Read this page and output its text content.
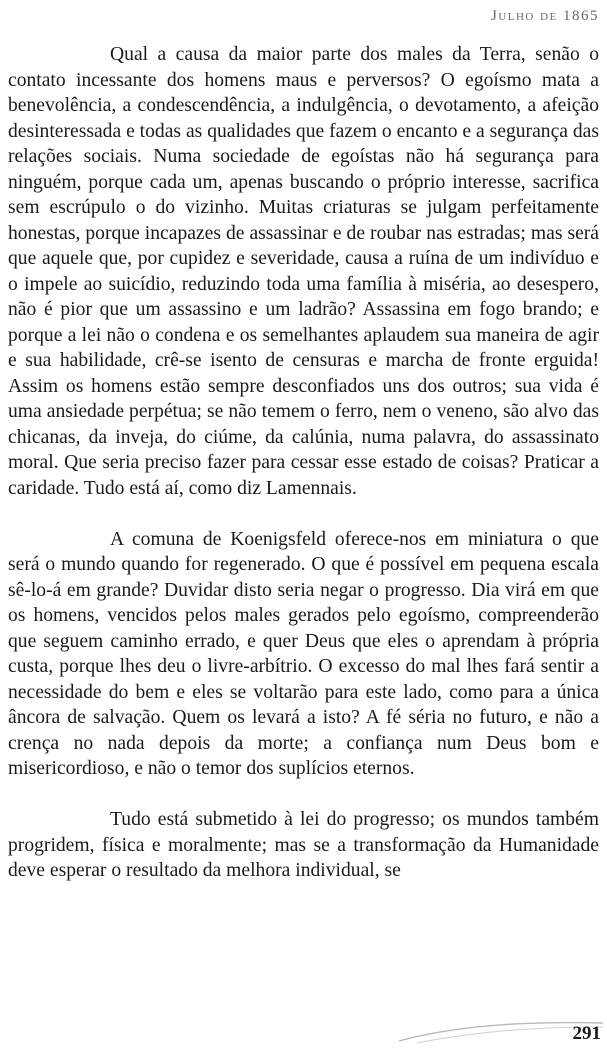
Julho de 1865

Qual a causa da maior parte dos males da Terra, senão o contato incessante dos homens maus e perversos? O egoísmo mata a benevolência, a condescendência, a indulgência, o devotamento, a afeição desinteressada e todas as qualidades que fazem o encanto e a segurança das relações sociais. Numa sociedade de egoístas não há segurança para ninguém, porque cada um, apenas buscando o próprio interesse, sacrifica sem escrúpulo o do vizinho. Muitas criaturas se julgam perfeitamente honestas, porque incapazes de assassinar e de roubar nas estradas; mas será que aquele que, por cupidez e severidade, causa a ruína de um indivíduo e o impele ao suicídio, reduzindo toda uma família à miséria, ao desespero, não é pior que um assassino e um ladrão? Assassina em fogo brando; e porque a lei não o condena e os semelhantes aplaudem sua maneira de agir e sua habilidade, crê-se isento de censuras e marcha de fronte erguida! Assim os homens estão sempre desconfiados uns dos outros; sua vida é uma ansiedade perpétua; se não temem o ferro, nem o veneno, são alvo das chicanas, da inveja, do ciúme, da calúnia, numa palavra, do assassinato moral. Que seria preciso fazer para cessar esse estado de coisas? Praticar a caridade. Tudo está aí, como diz Lamennais.

A comuna de Koenigsfeld oferece-nos em miniatura o que será o mundo quando for regenerado. O que é possível em pequena escala sê-lo-á em grande? Duvidar disto seria negar o progresso. Dia virá em que os homens, vencidos pelos males gerados pelo egoísmo, compreenderão que seguem caminho errado, e quer Deus que eles o aprendam à própria custa, porque lhes deu o livre-arbítrio. O excesso do mal lhes fará sentir a necessidade do bem e eles se voltarão para este lado, como para a única âncora de salvação. Quem os levará a isto? A fé séria no futuro, e não a crença no nada depois da morte; a confiança num Deus bom e misericordioso, e não o temor dos suplícios eternos.

Tudo está submetido à lei do progresso; os mundos também progridem, física e moralmente; mas se a transformação da Humanidade deve esperar o resultado da melhora individual, se

291
